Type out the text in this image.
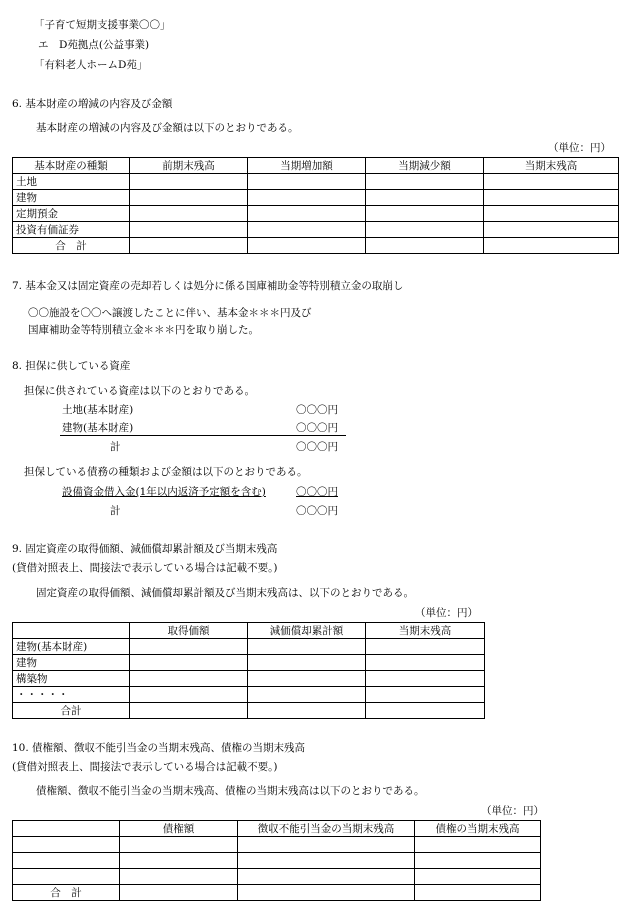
「子育て短期支援事業〇〇」
エ　D苑拠点(公益事業)
「有料老人ホームD苑」
6. 基本財産の増減の内容及び金額
基本財産の増減の内容及び金額は以下のとおりである。
（単位：円）
基本財産の種類	前期末残高	当期増加額	当期減少額	当期末残高
土地				
建物				
定期預金				
投資有価証券				
合　計				
7. 基本金又は固定資産の売却若しくは処分に係る国庫補助金等特別積立金の取崩し
〇〇施設を〇〇へ譲渡したことに伴い、基本金＊＊＊円及び
国庫補助金等特別積立金＊＊＊円を取り崩した。
8. 担保に供している資産
担保に供されている資産は以下のとおりである。
土地(基本財産)	〇〇〇円
建物(基本財産)	〇〇〇円
計	〇〇〇円
担保している債務の種類および金額は以下のとおりである。
設備資金借入金(1年以内返済予定額を含む)	〇〇〇円
計	〇〇〇円
9. 固定資産の取得価額、減価償却累計額及び当期末残高
(貸借対照表上、間接法で表示している場合は記載不要。)
固定資産の取得価額、減価償却累計額及び当期末残高は、以下のとおりである。
（単位：円）
	取得価額	減価償却累計額	当期末残高
建物(基本財産)			
建物			
構築物			
・・・・・			
合計			
10. 債権額、徴収不能引当金の当期末残高、債権の当期末残高
(貸借対照表上、間接法で表示している場合は記載不要。)
債権額、徴収不能引当金の当期末残高、債権の当期末残高は以下のとおりである。
（単位：円）
	債権額	徴収不能引当金の当期末残高	債権の当期末残高

合　計			
